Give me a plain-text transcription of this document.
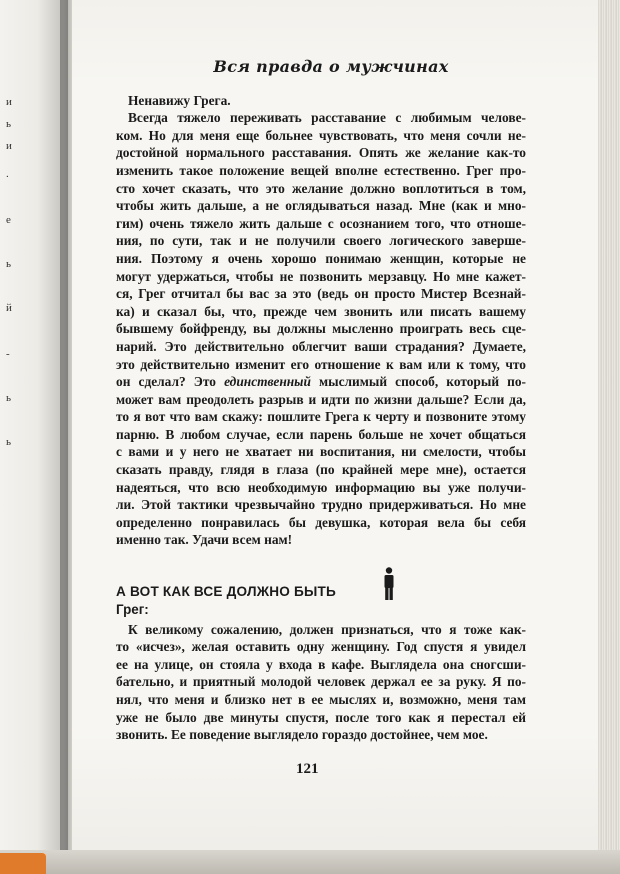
и
ь
и
.
е
ь
й
-
ь
ь
Вся правда о мужчинах

Ненавижу Грега.

Всегда тяжело переживать расставание с любимым челове-
ком. Но для меня еще больнее чувствовать, что меня сочли не-
достойной нормального расставания. Опять же желание как-то
изменить такое положение вещей вполне естественно. Грег про-
сто хочет сказать, что это желание должно воплотиться в том,
чтобы жить дальше, а не оглядываться назад. Мне (как и мно-
гим) очень тяжело жить дальше с осознанием того, что отноше-
ния, по сути, так и не получили своего логического заверше-
ния. Поэтому я очень хорошо понимаю женщин, которые не
могут удержаться, чтобы не позвонить мерзавцу. Но мне кажет-
ся, Грег отчитал бы вас за это (ведь он просто Мистер Всезнай-
ка) и сказал бы, что, прежде чем звонить или писать вашему
бывшему бойфренду, вы должны мысленно проиграть весь сце-
нарий. Это действительно облегчит ваши страдания? Думаете,
это действительно изменит его отношение к вам или к тому, что
он сделал? Это единственный мыслимый способ, который по-
может вам преодолеть разрыв и идти по жизни дальше? Если да,
то я вот что вам скажу: пошлите Грега к черту и позвоните этому
парню. В любом случае, если парень больше не хочет общаться
с вами и у него не хватает ни воспитания, ни смелости, чтобы
сказать правду, глядя в глаза (по крайней мере мне), остается
надеяться, что всю необходимую информацию вы уже получи-
ли. Этой тактики чрезвычайно трудно придерживаться. Но мне
определенно понравилась бы девушка, которая вела бы себя
именно так. Удачи всем нам!
А ВОТ КАК ВСЕ ДОЛЖНО БЫТЬ

Грег:

К великому сожалению, должен признаться, что я тоже как-
то «исчез», желая оставить одну женщину. Год спустя я увидел
ее на улице, он стояла у входа в кафе. Выглядела она сногсши-
бательно, и приятный молодой человек держал ее за руку. Я по-
нял, что меня и близко нет в ее мыслях и, возможно, меня там
уже не было две минуты спустя, после того как я перестал ей
звонить. Ее поведение выглядело гораздо достойнее, чем мое.
121
